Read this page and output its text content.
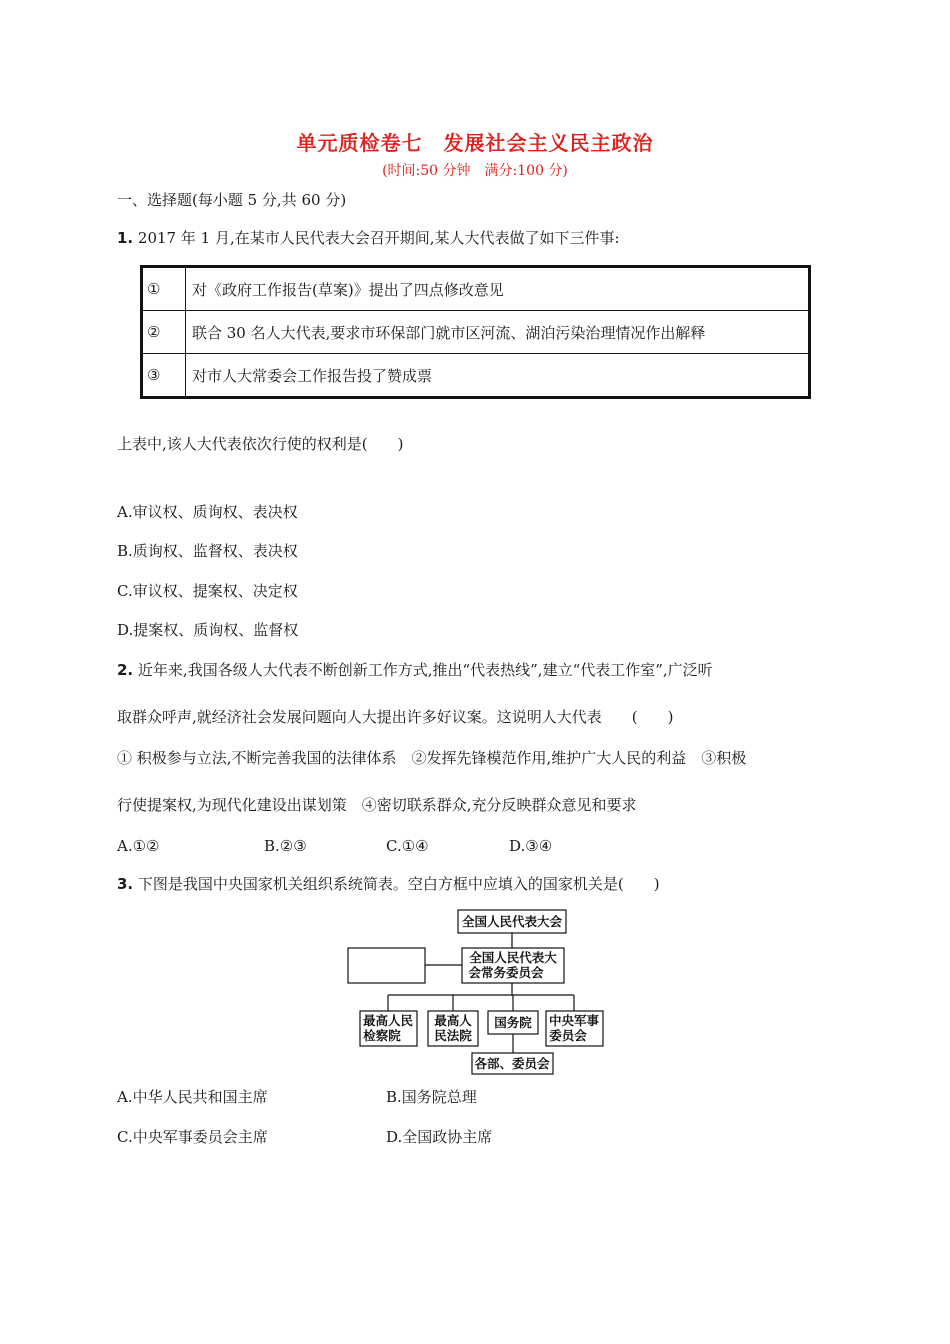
单元质检卷七　发展社会主义民主政治
(时间:50 分钟　满分:100 分)
一、选择题(每小题 5 分,共 60 分)
1. 2017 年 1 月,在某市人民代表大会召开期间,某人大代表做了如下三件事:
①	对《政府工作报告(草案)》提出了四点修改意见
②	联合 30 名人大代表,要求市环保部门就市区河流、湖泊污染治理情况作出解释
③	对市人大常委会工作报告投了赞成票
上表中,该人大代表依次行使的权利是(　　)
A.审议权、质询权、表决权
B.质询权、监督权、表决权
C.审议权、提案权、决定权
D.提案权、质询权、监督权
2. 近年来,我国各级人大代表不断创新工作方式,推出“代表热线”,建立“代表工作室”,广泛听
取群众呼声,就经济社会发展问题向人大提出许多好议案。这说明人大代表　　(　　)
① 积极参与立法,不断完善我国的法律体系　②发挥先锋模范作用,维护广大人民的利益　③积极
行使提案权,为现代化建设出谋划策　④密切联系群众,充分反映群众意见和要求
A.①②	B.②③	C.①④	D.③④
3. 下图是我国中央国家机关组织系统简表。空白方框中应填入的国家机关是(　　)
全国人民代表大会
全国人民代表大
会常务委员会
最高人民
检察院
最高人
民法院
国务院 中央军事
委员会
各部、委员会
A.中华人民共和国主席	B.国务院总理
C.中央军事委员会主席	D.全国政协主席
